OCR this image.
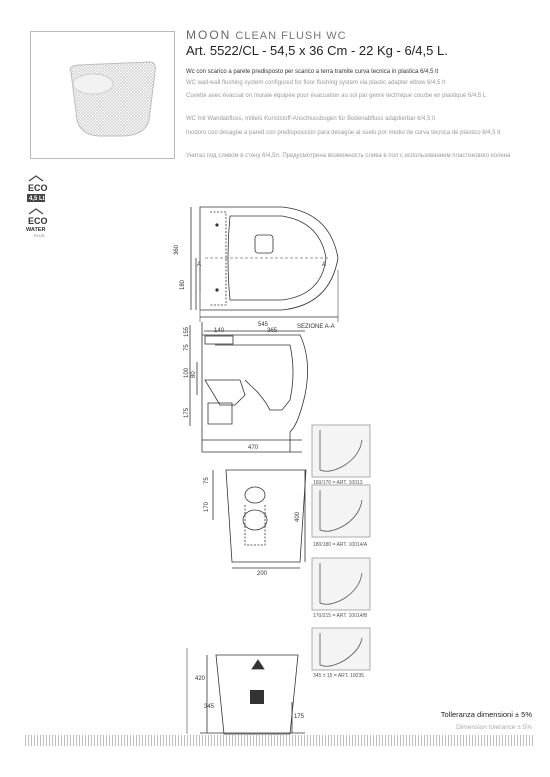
MOON CLEAN FLUSH WC
Art. 5522/CL - 54,5 x 36 Cm - 22 Kg - 6/4,5 L.
Wc con scarico a parete predisposto per scarico a terra tramite curva tecnica in plastica 6/4,5 lt
WC wall-wall flushing system configured for floor flushing system via plastic adapter elbow 6/4,5 lt
Cuvette avec évacuat on murale équipée pour évacuation au sol par genre technique courbe en plastique 6/4,5 L
WC mit Wandabfluss, mittels Kunststoff-Anschlussbogen für Bodenabfluss adaptierbar 6/4,5 lt
Inodoro con desagüe a pared con predisposición para desagüe al suelo por medio de curva técnica de plástico 6/4,5 lt
Унитаз под сливом в стену 6/4,5л. Предусмотрена возможность слива в пол с использованием пластикового колена
360
180
545
A	A
SEZIONE A-A
140	365
155
75
100 80
175
470
75
170
400
200
420
345
175
160/170 = ART. 10013
180/180 = ART. 10014/A
170/215 = ART. 10014/B
345 ± 15 = ART. 10035
ECO
4,5 Lt
ECO
WATER
PLUS
Tolleranza dimensioni ± 5%
Dimension tolerance ± 5%
